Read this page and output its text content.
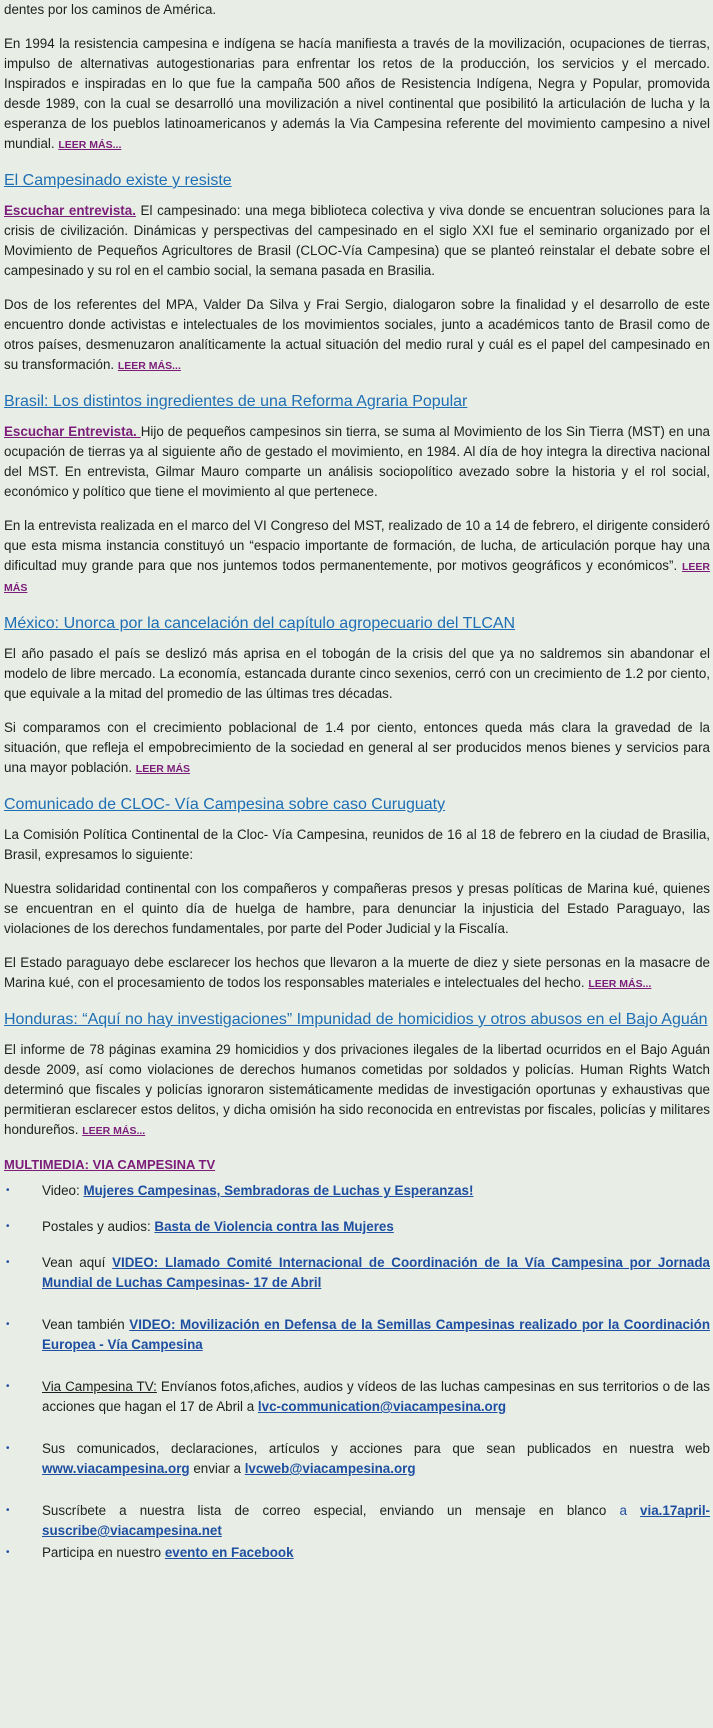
dentes por los caminos de América.

En 1994 la resistencia campesina e indígena se hacía manifiesta a través de la movilización, ocupaciones de tierras, impulso de alternativas autogestionarias para enfrentar los retos de la producción, los servicios y el mercado. Inspirados e inspiradas en lo que fue la campaña 500 años de Resistencia Indígena, Negra y Popular, promovida desde 1989, con la cual se desarrolló una movilización a nivel continental que posibilitó la articulación de lucha y la esperanza de los pueblos latinoamericanos y además la Via Campesina referente del movimiento campesino a nivel mundial. LEER MÁS...

El Campesinado existe y resiste

Escuchar entrevista. El campesinado: una mega biblioteca colectiva y viva donde se encuentran soluciones para la crisis de civilización. Dinámicas y perspectivas del campesinado en el siglo XXI fue el seminario organizado por el Movimiento de Pequeños Agricultores de Brasil (CLOC-Vía Campesina) que se planteó reinstalar el debate sobre el campesinado y su rol en el cambio social, la semana pasada en Brasilia.

Dos de los referentes del MPA, Valder Da Silva y Frai Sergio, dialogaron sobre la finalidad y el desarrollo de este encuentro donde activistas e intelectuales de los movimientos sociales, junto a académicos tanto de Brasil como de otros países, desmenuzaron analíticamente la actual situación del medio rural y cuál es el papel del campesinado en su transformación. LEER MÁS...

Brasil: Los distintos ingredientes de una Reforma Agraria Popular

Escuchar Entrevista. Hijo de pequeños campesinos sin tierra, se suma al Movimiento de los Sin Tierra (MST) en una ocupación de tierras ya al siguiente año de gestado el movimiento, en 1984. Al día de hoy integra la directiva nacional del MST. En entrevista, Gilmar Mauro comparte un análisis sociopolítico avezado sobre la historia y el rol social, económico y político que tiene el movimiento al que pertenece.

En la entrevista realizada en el marco del VI Congreso del MST, realizado de 10 a 14 de febrero, el dirigente consideró que esta misma instancia constituyó un “espacio importante de formación, de lucha, de articulación porque hay una dificultad muy grande para que nos juntemos todos permanentemente, por motivos geográficos y económicos”. LEER MÁS

México: Unorca por la cancelación del capítulo agropecuario del TLCAN

El año pasado el país se deslizó más aprisa en el tobogán de la crisis del que ya no saldremos sin abandonar el modelo de libre mercado. La economía, estancada durante cinco sexenios, cerró con un crecimiento de 1.2 por ciento, que equivale a la mitad del promedio de las últimas tres décadas.

Si comparamos con el crecimiento poblacional de 1.4 por ciento, entonces queda más clara la gravedad de la situación, que refleja el empobrecimiento de la sociedad en general al ser producidos menos bienes y servicios para una mayor población. LEER MÁS

Comunicado de CLOC- Vía Campesina sobre caso Curuguaty

La Comisión Política Continental de la Cloc- Vía Campesina, reunidos de 16 al 18 de febrero en la ciudad de Brasilia, Brasil, expresamos lo siguiente:

Nuestra solidaridad continental con los compañeros y compañeras presos y presas políticas de Marina kué, quienes se encuentran en el quinto día de huelga de hambre, para denunciar la injusticia del Estado Paraguayo, las violaciones de los derechos fundamentales, por parte del Poder Judicial y la Fiscalía.

El Estado paraguayo debe esclarecer los hechos que llevaron a la muerte de diez y siete personas en la masacre de Marina kué, con el procesamiento de todos los responsables materiales e intelectuales del hecho. LEER MÁS...

Honduras: “Aquí no hay investigaciones” Impunidad de homicidios y otros abusos en el Bajo Aguán

El informe de 78 páginas examina 29 homicidios y dos privaciones ilegales de la libertad ocurridos en el Bajo Aguán desde 2009, así como violaciones de derechos humanos cometidas por soldados y policías. Human Rights Watch determinó que fiscales y policías ignoraron sistemáticamente medidas de investigación oportunas y exhaustivas que permitieran esclarecer estos delitos, y dicha omisión ha sido reconocida en entrevistas por fiscales, policías y militares hondureños. LEER MÁS...

MULTIMEDIA: VIA CAMPESINA TV
• Video: Mujeres Campesinas, Sembradoras de Luchas y Esperanzas!
• Postales y audios: Basta de Violencia contra las Mujeres
• Vean aquí VIDEO: Llamado Comité Internacional de Coordinación de la Vía Campesina por Jornada Mundial de Luchas Campesinas- 17 de Abril
• Vean también VIDEO: Movilización en Defensa de la Semillas Campesinas realizado por la Coordinación Europea - Vía Campesina
• Via Campesina TV: Envíanos fotos,afiches, audios y vídeos de las luchas campesinas en sus territorios o de las acciones que hagan el 17 de Abril a lvc-communication@viacampesina.org
• Sus comunicados, declaraciones, artículos y acciones para que sean publicados en nuestra web www.viacampesina.org enviar a lvcweb@viacampesina.org
• Suscríbete a nuestra lista de correo especial, enviando un mensaje en blanco a via.17april-suscribe@viacampesina.net
• Participa en nuestro evento en Facebook
